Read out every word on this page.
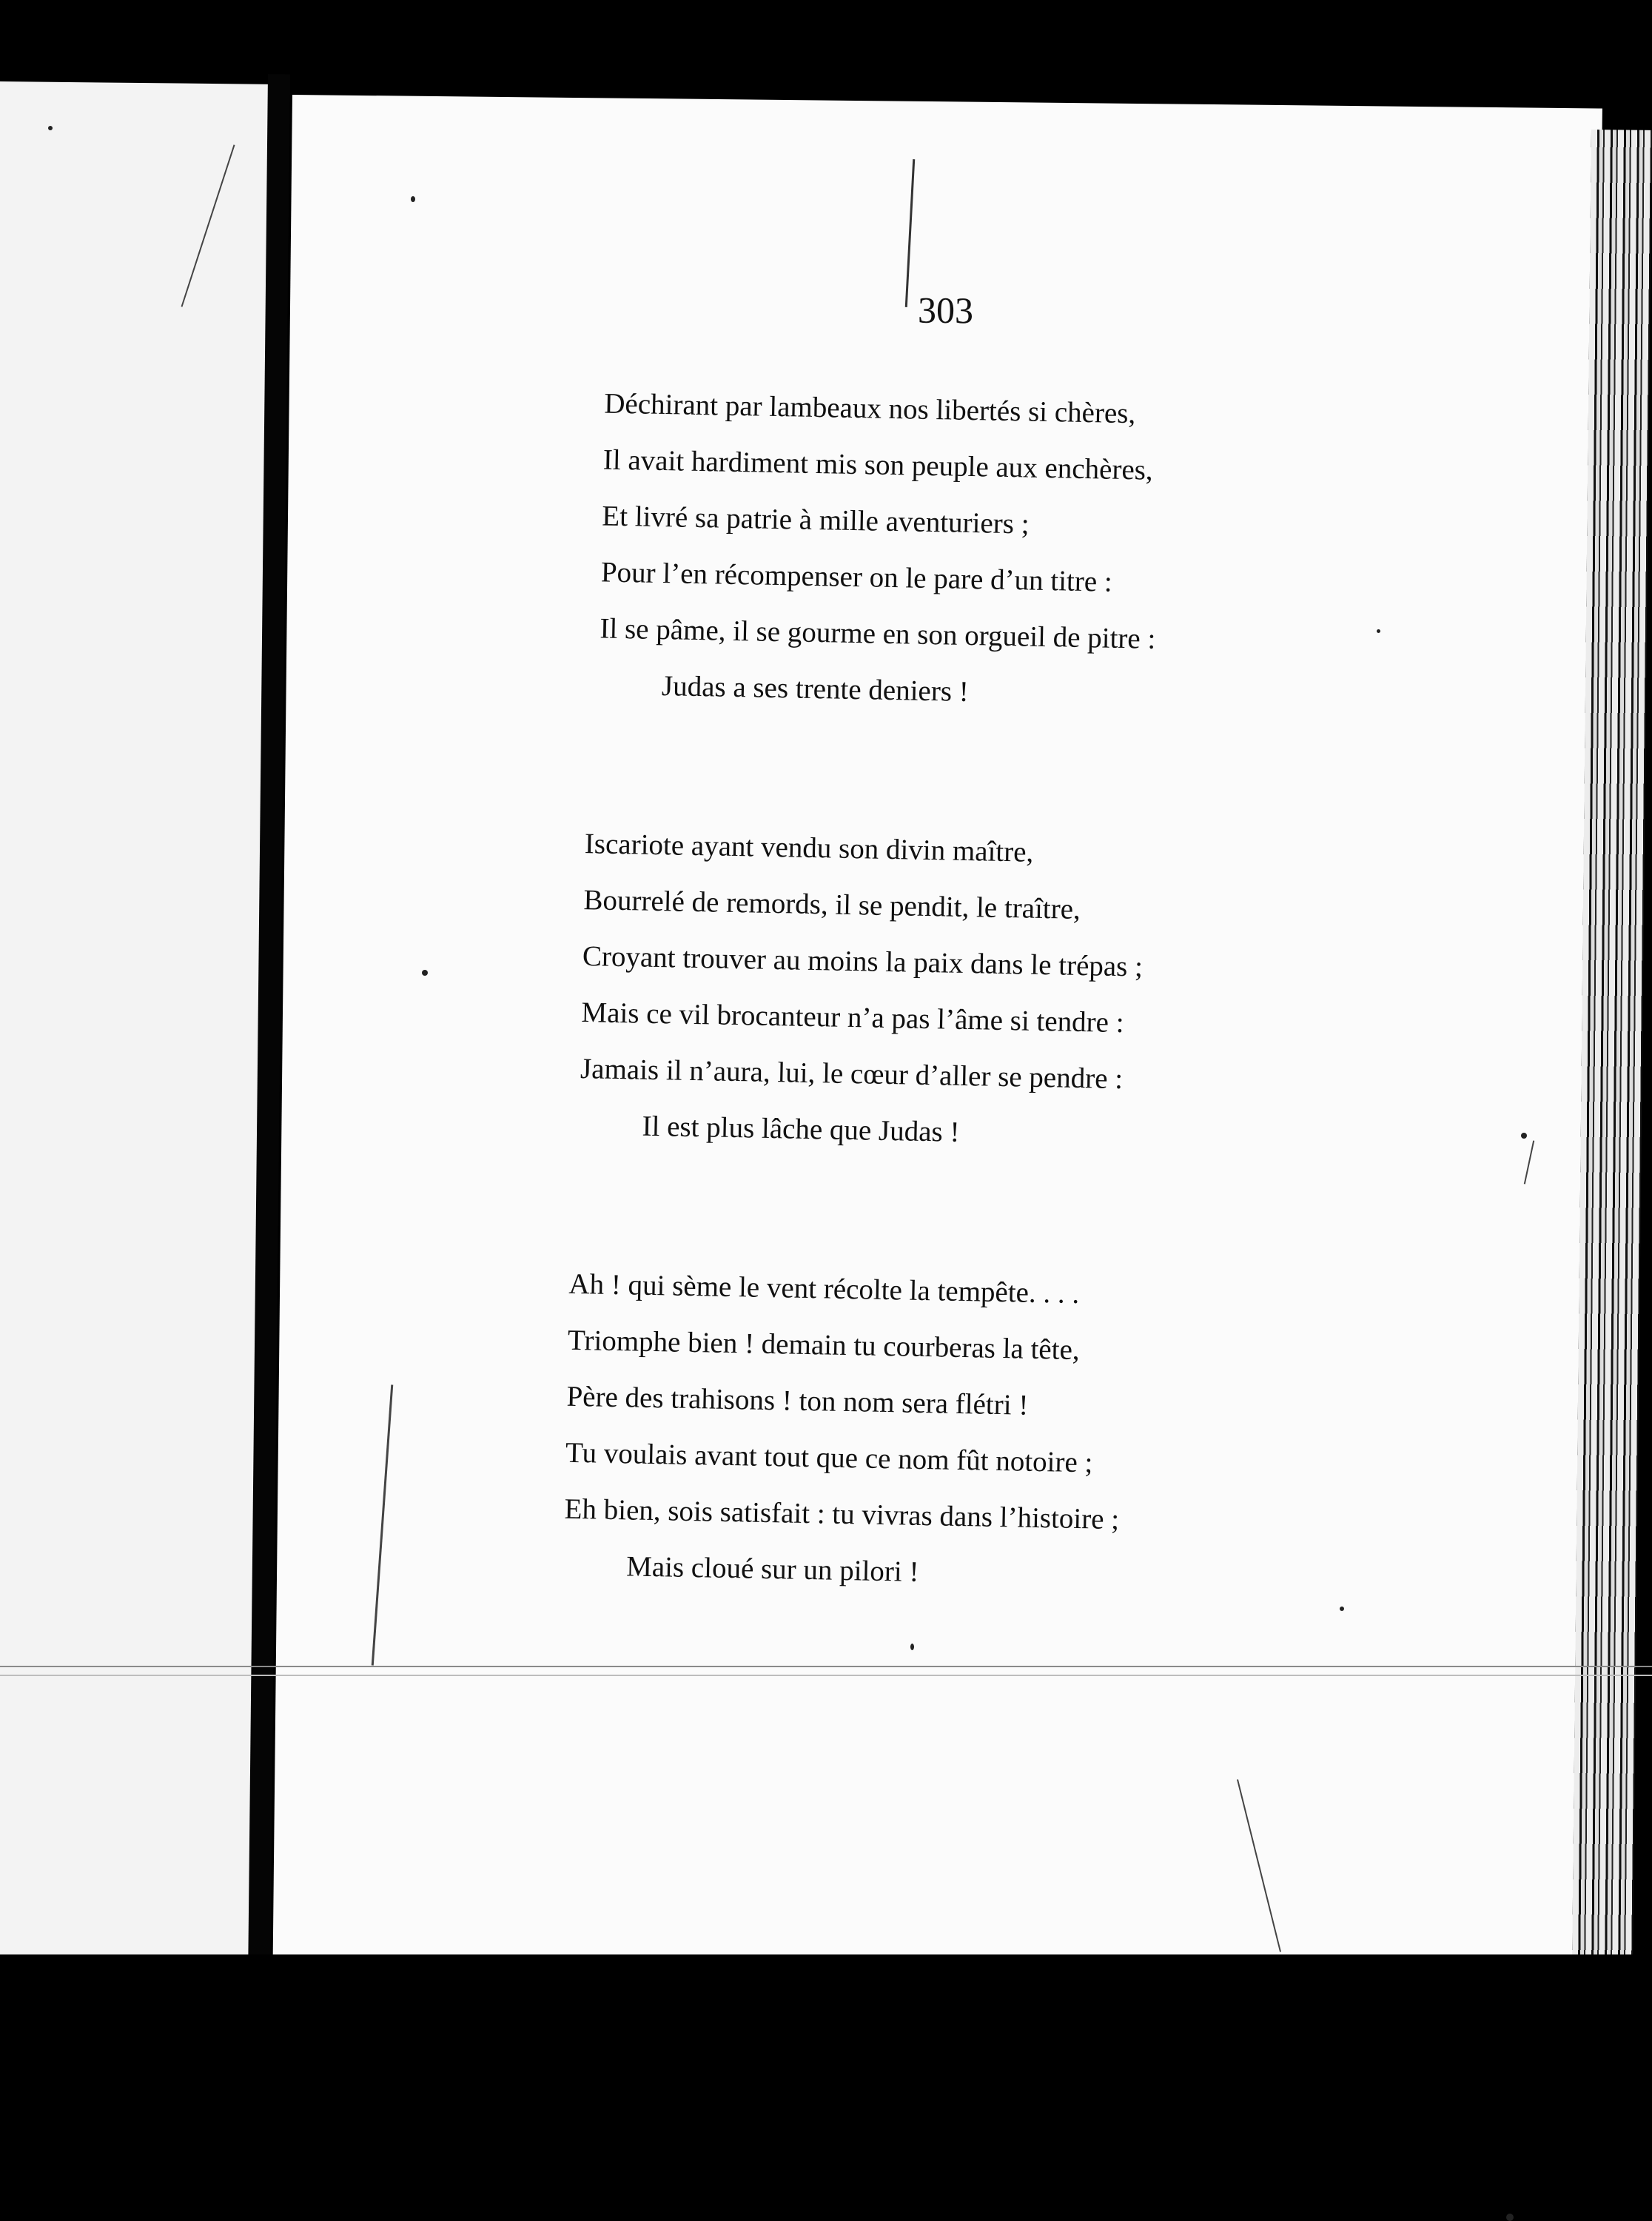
303
Déchirant par lambeaux nos libertés si chères,
Il avait hardiment mis son peuple aux enchères,
Et livré sa patrie à mille aventuriers ;
Pour l’en récompenser on le pare d’un titre :
Il se pâme, il se gourme en son orgueil de pitre :
Judas a ses trente deniers !
Iscariote ayant vendu son divin maître,
Bourrelé de remords, il se pendit, le traître,
Croyant trouver au moins la paix dans le trépas ;
Mais ce vil brocanteur n’a pas l’âme si tendre :
Jamais il n’aura, lui, le cœur d’aller se pendre :
Il est plus lâche que Judas !
Ah ! qui sème le vent récolte la tempête. . . .
Triomphe bien ! demain tu courberas la tête,
Père des trahisons ! ton nom sera flétri !
Tu voulais avant tout que ce nom fût notoire ;
Eh bien, sois satisfait : tu vivras dans l’histoire ;
Mais cloué sur un pilori !
